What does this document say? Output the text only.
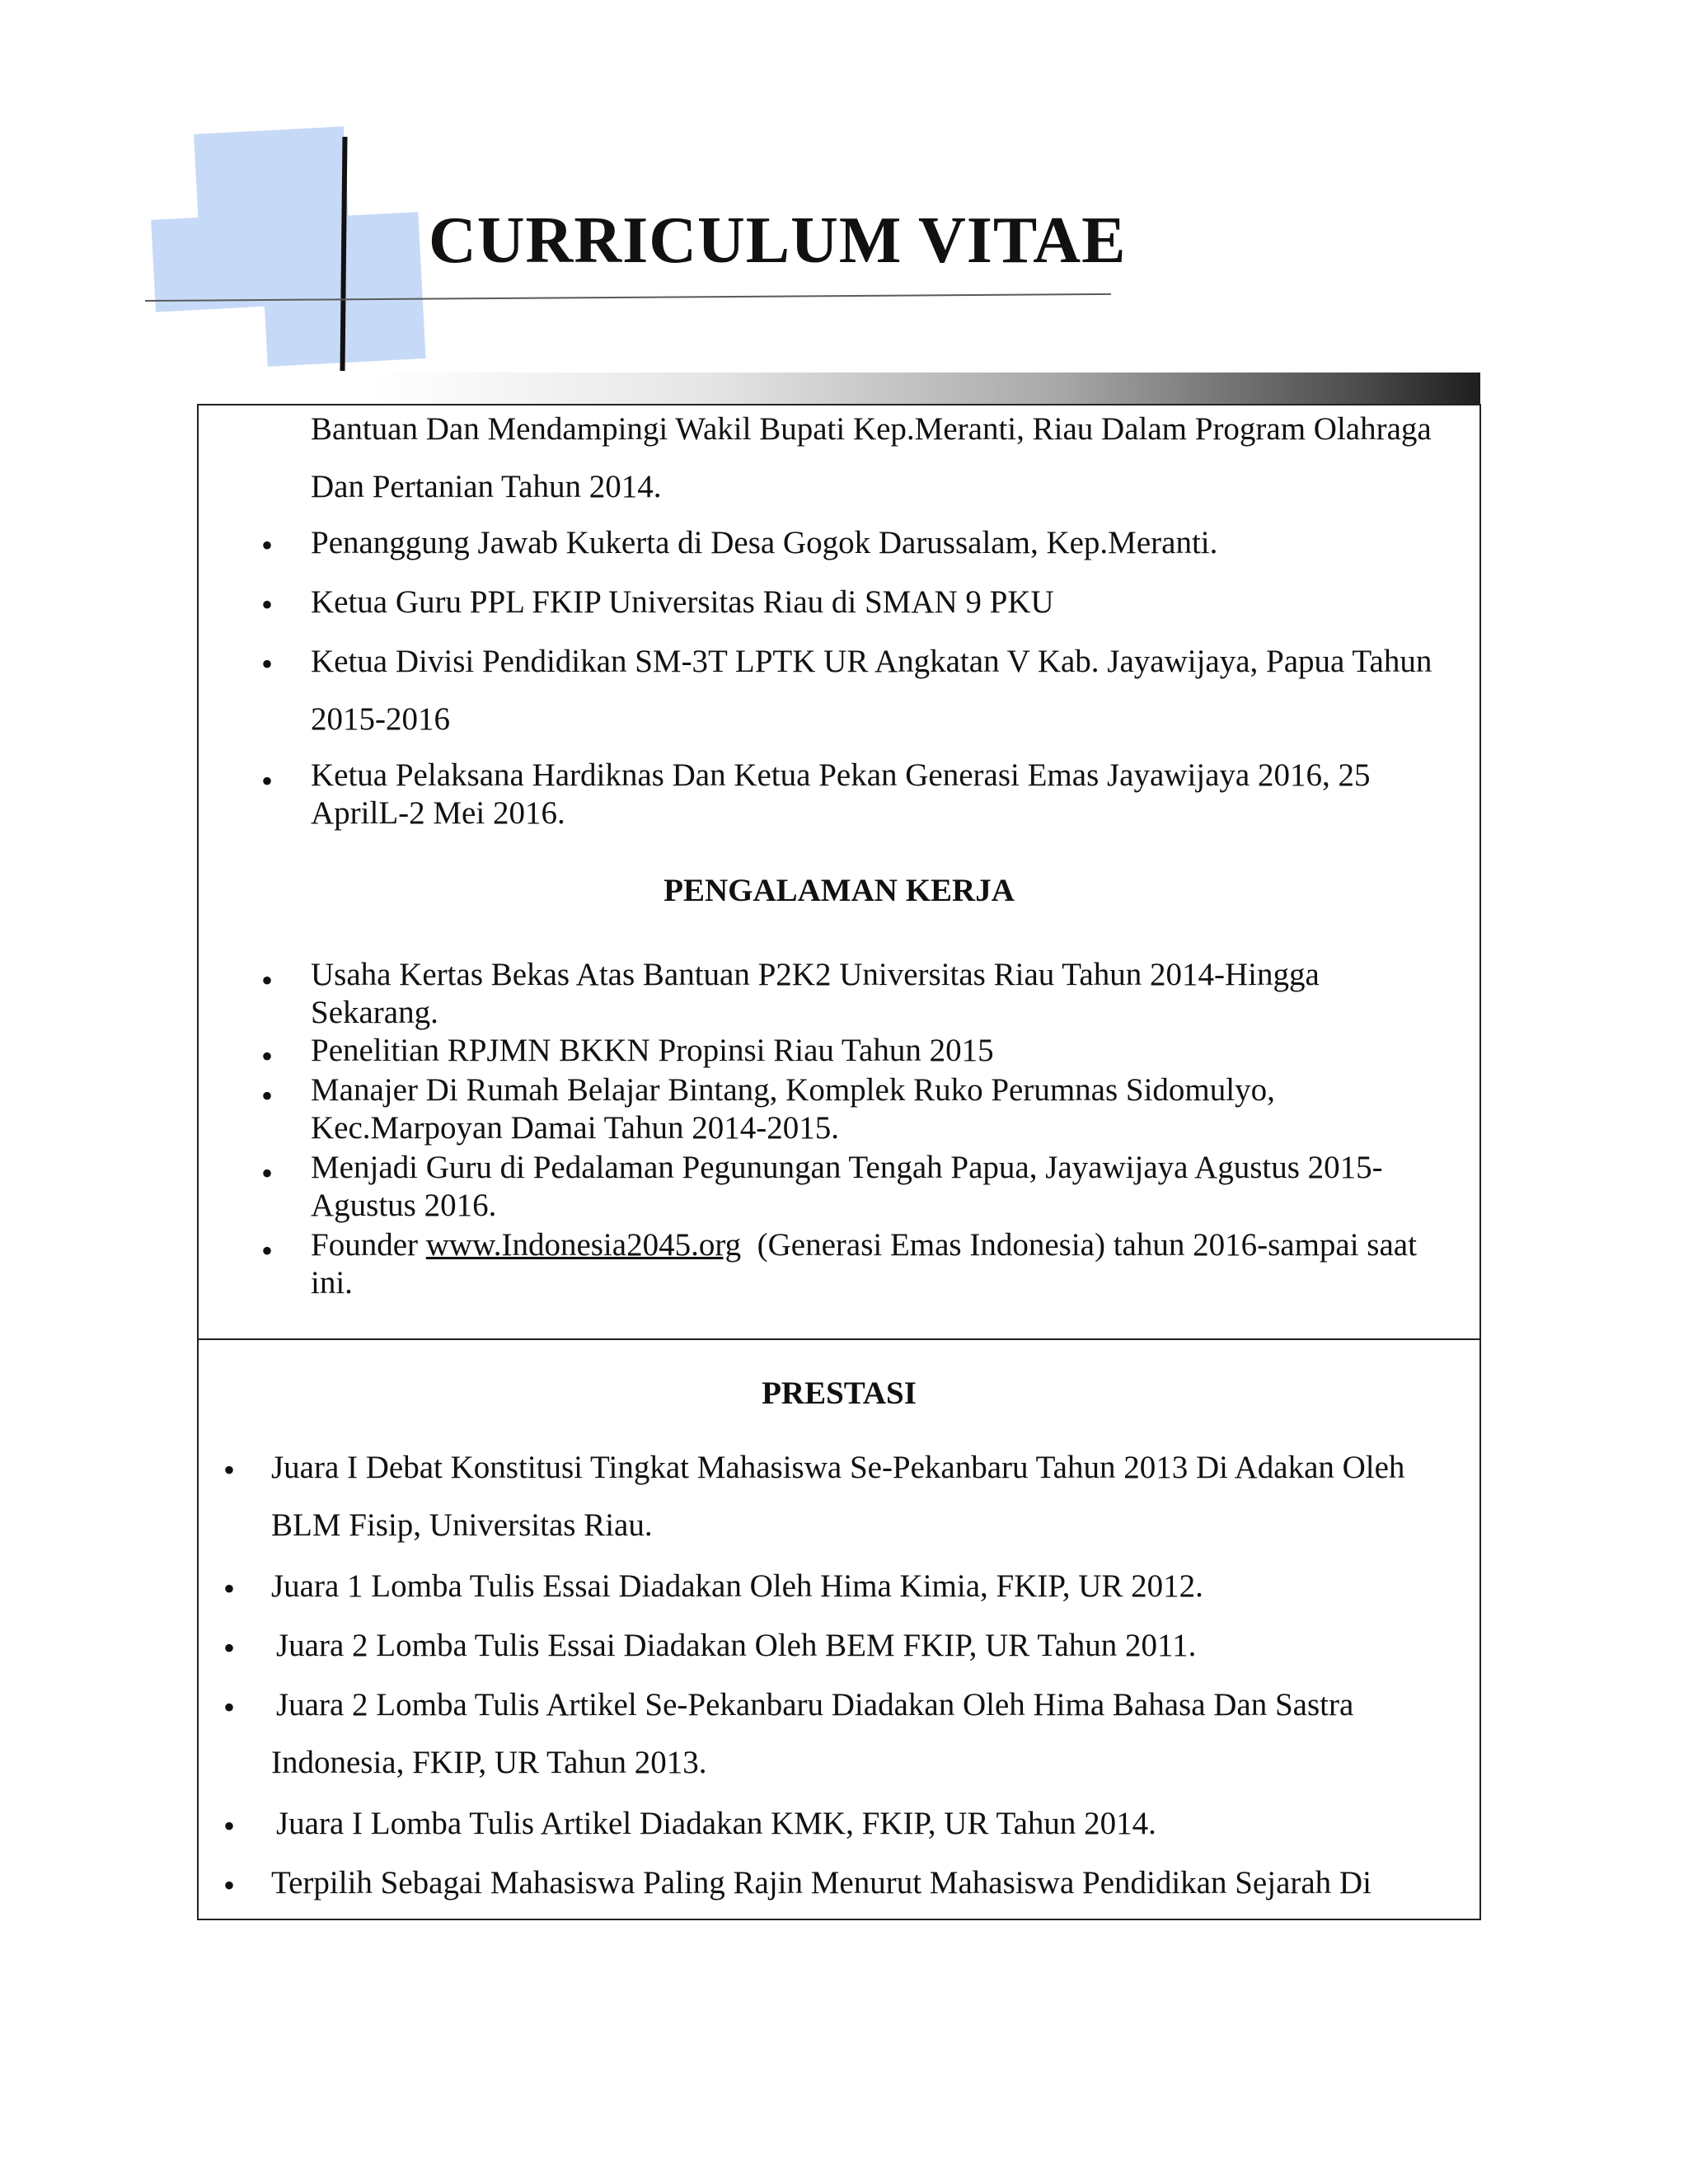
CURRICULUM VITAE
Bantuan Dan Mendampingi Wakil Bupati Kep.Meranti, Riau Dalam Program Olahraga
Dan Pertanian Tahun 2014.
• Penanggung Jawab Kukerta di Desa Gogok Darussalam, Kep.Meranti.
• Ketua Guru PPL FKIP Universitas Riau di SMAN 9 PKU
• Ketua Divisi Pendidikan SM-3T LPTK UR Angkatan V Kab. Jayawijaya, Papua Tahun
2015-2016
• Ketua Pelaksana Hardiknas Dan Ketua Pekan Generasi Emas Jayawijaya 2016, 25
AprilL-2 Mei 2016.
PENGALAMAN KERJA
• Usaha Kertas Bekas Atas Bantuan P2K2 Universitas Riau Tahun 2014-Hingga
Sekarang.
• Penelitian RPJMN BKKN Propinsi Riau Tahun 2015
• Manajer Di Rumah Belajar Bintang, Komplek Ruko Perumnas Sidomulyo,
Kec.Marpoyan Damai Tahun 2014-2015.
• Menjadi Guru di Pedalaman Pegunungan Tengah Papua, Jayawijaya Agustus 2015-
Agustus 2016.
• Founder www.Indonesia2045.org  (Generasi Emas Indonesia) tahun 2016-sampai saat
ini.
PRESTASI
• Juara I Debat Konstitusi Tingkat Mahasiswa Se-Pekanbaru Tahun 2013 Di Adakan Oleh
BLM Fisip, Universitas Riau.
• Juara 1 Lomba Tulis Essai Diadakan Oleh Hima Kimia, FKIP, UR 2012.
• Juara 2 Lomba Tulis Essai Diadakan Oleh BEM FKIP, UR Tahun 2011.
• Juara 2 Lomba Tulis Artikel Se-Pekanbaru Diadakan Oleh Hima Bahasa Dan Sastra
Indonesia, FKIP, UR Tahun 2013.
• Juara I Lomba Tulis Artikel Diadakan KMK, FKIP, UR Tahun 2014.
• Terpilih Sebagai Mahasiswa Paling Rajin Menurut Mahasiswa Pendidikan Sejarah Di
